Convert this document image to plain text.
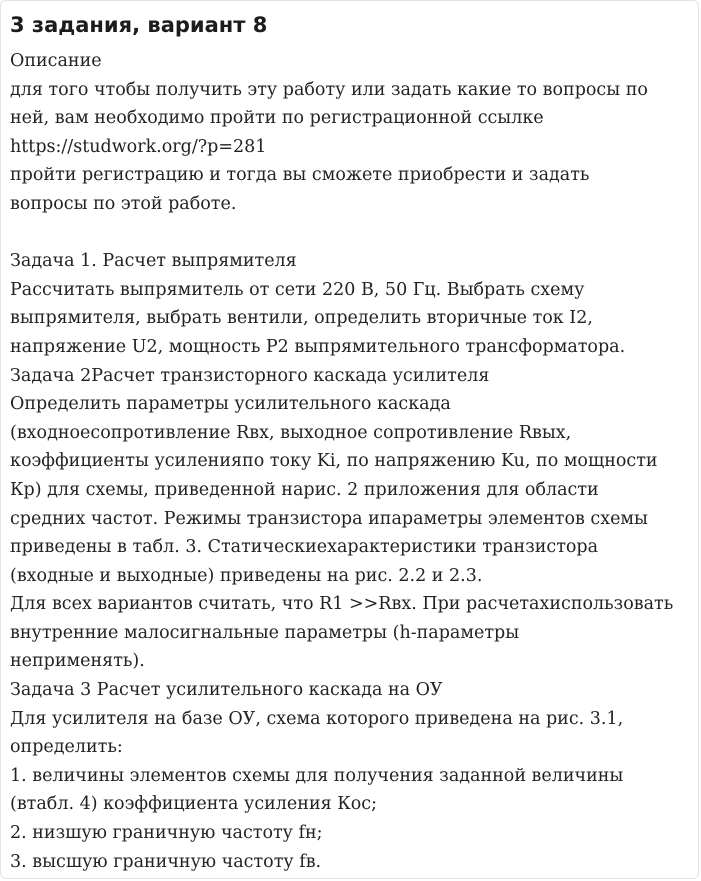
3 задания, вариант 8
Описание
для того чтобы получить эту работу или задать какие то вопросы по
ней, вам необходимо пройти по регистрационной ссылке
https://studwork.org/?p=281
пройти регистрацию и тогда вы сможете приобрести и задать
вопросы по этой работе.
Задача 1. Расчет выпрямителя
Рассчитать выпрямитель от сети 220 В, 50 Гц. Выбрать схему
выпрямителя, выбрать вентили, определить вторичные ток I2,
напряжение U2, мощность Р2 выпрямительного трансформатора.
Задача 2Расчет транзисторного каскада усилителя
Определить параметры усилительного каскада
(входноесопротивление Rвх, выходное сопротивление Rвых,
коэффициенты усиленияпо току Ki, по напряжению Ku, по мощности
Кр) для схемы, приведенной нарис. 2 приложения для области
средних частот. Режимы транзистора ипараметры элементов схемы
приведены в табл. 3. Статическиехарактеристики транзистора
(входные и выходные) приведены на рис. 2.2 и 2.3.
Для всех вариантов считать, что R1 >>Rвх. При расчетахиспользовать
внутренние малосигнальные параметры (h-параметры
неприменять).
Задача 3 Расчет усилительного каскада на ОУ
Для усилителя на базе ОУ, схема которого приведена на рис. 3.1,
определить:
1. величины элементов схемы для получения заданной величины
(втабл. 4) коэффициента усиления Кос;
2. низшую граничную частоту fн;
3. высшую граничную частоту fв.
